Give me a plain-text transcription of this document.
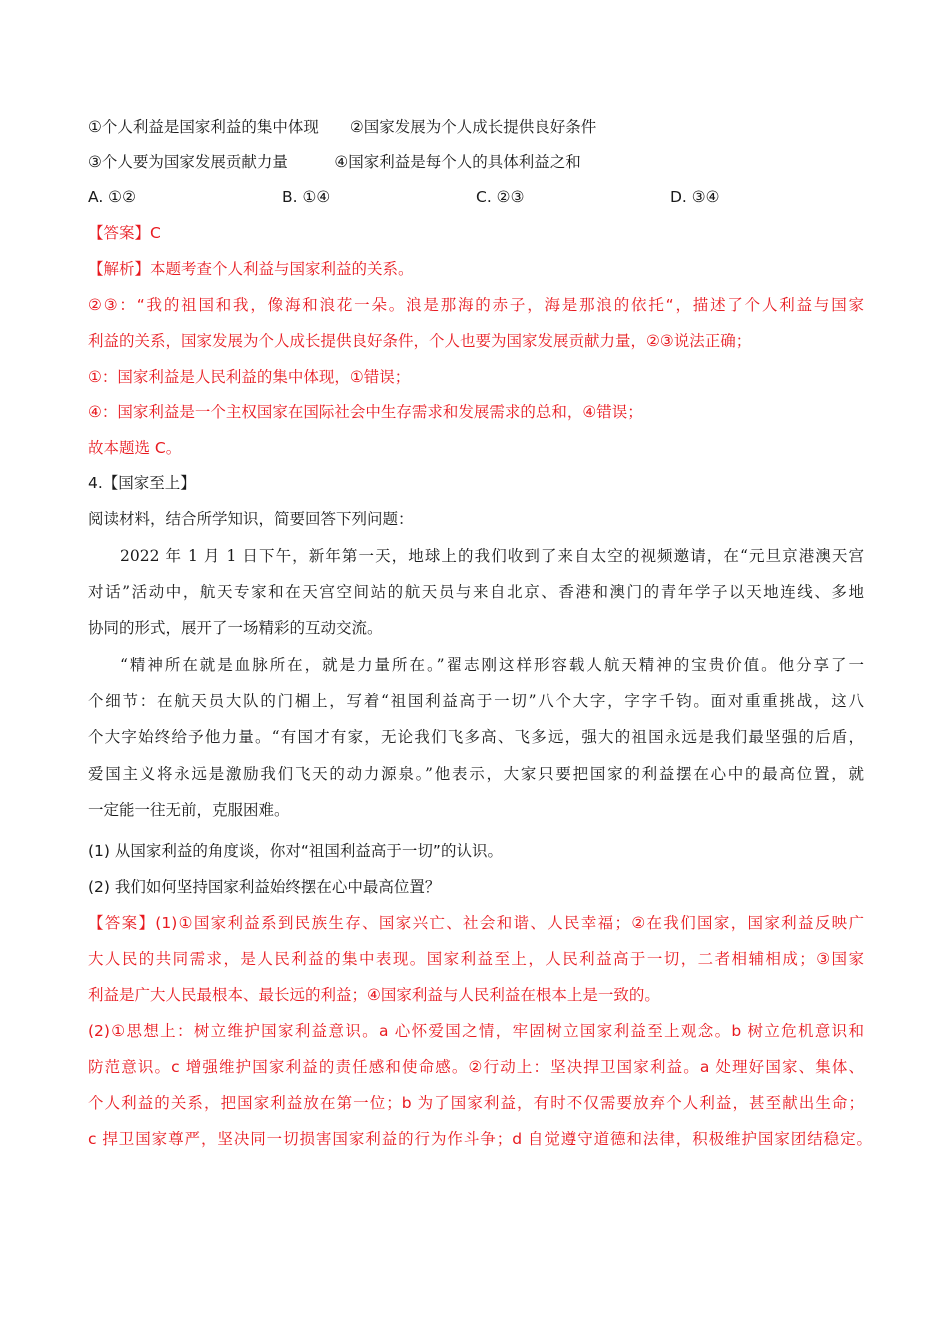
①个人利益是国家利益的集中体现　　②国家发展为个人成长提供良好条件
③个人要为国家发展贡献力量　　　④国家利益是每个人的具体利益之和
A. ①②	B. ①④	C. ②③	D. ③④
【答案】C
【解析】本题考查个人利益与国家利益的关系。
②③：“我的祖国和我，像海和浪花一朵。浪是那海的赤子，海是那浪的依托“，描述了个人利益与国家
利益的关系，国家发展为个人成长提供良好条件，个人也要为国家发展贡献力量，②③说法正确；
①：国家利益是人民利益的集中体现，①错误；
④：国家利益是一个主权国家在国际社会中生存需求和发展需求的总和，④错误；
故本题选 C。
4.【国家至上】
阅读材料，结合所学知识，简要回答下列问题：
2022 年 1 月 1 日下午，新年第一天，地球上的我们收到了来自太空的视频邀请，在“元旦京港澳天宫
对话”活动中，航天专家和在天宫空间站的航天员与来自北京、香港和澳门的青年学子以天地连线、多地
协同的形式，展开了一场精彩的互动交流。
“精神所在就是血脉所在，就是力量所在。”翟志刚这样形容载人航天精神的宝贵价值。他分享了一
个细节：在航天员大队的门楣上，写着“祖国利益高于一切”八个大字，字字千钧。面对重重挑战，这八
个大字始终给予他力量。“有国才有家，无论我们飞多高、飞多远，强大的祖国永远是我们最坚强的后盾，
爱国主义将永远是激励我们飞天的动力源泉。”他表示，大家只要把国家的利益摆在心中的最高位置，就
一定能一往无前，克服困难。
(1) 从国家利益的角度谈，你对“祖国利益高于一切”的认识。
(2) 我们如何坚持国家利益始终摆在心中最高位置？
【答案】(1)①国家利益系到民族生存、国家兴亡、社会和谐、人民幸福；②在我们国家，国家利益反映广
大人民的共同需求，是人民利益的集中表现。国家利益至上，人民利益高于一切，二者相辅相成；③国家
利益是广大人民最根本、最长远的利益；④国家利益与人民利益在根本上是一致的。
(2)①思想上：树立维护国家利益意识。a 心怀爱国之情，牢固树立国家利益至上观念。b 树立危机意识和
防范意识。c 增强维护国家利益的责任感和使命感。②行动上：坚决捍卫国家利益。a 处理好国家、集体、
个人利益的关系，把国家利益放在第一位；b 为了国家利益，有时不仅需要放弃个人利益，甚至献出生命；
c 捍卫国家尊严，坚决同一切损害国家利益的行为作斗争；d 自觉遵守道德和法律，积极维护国家团结稳定。
